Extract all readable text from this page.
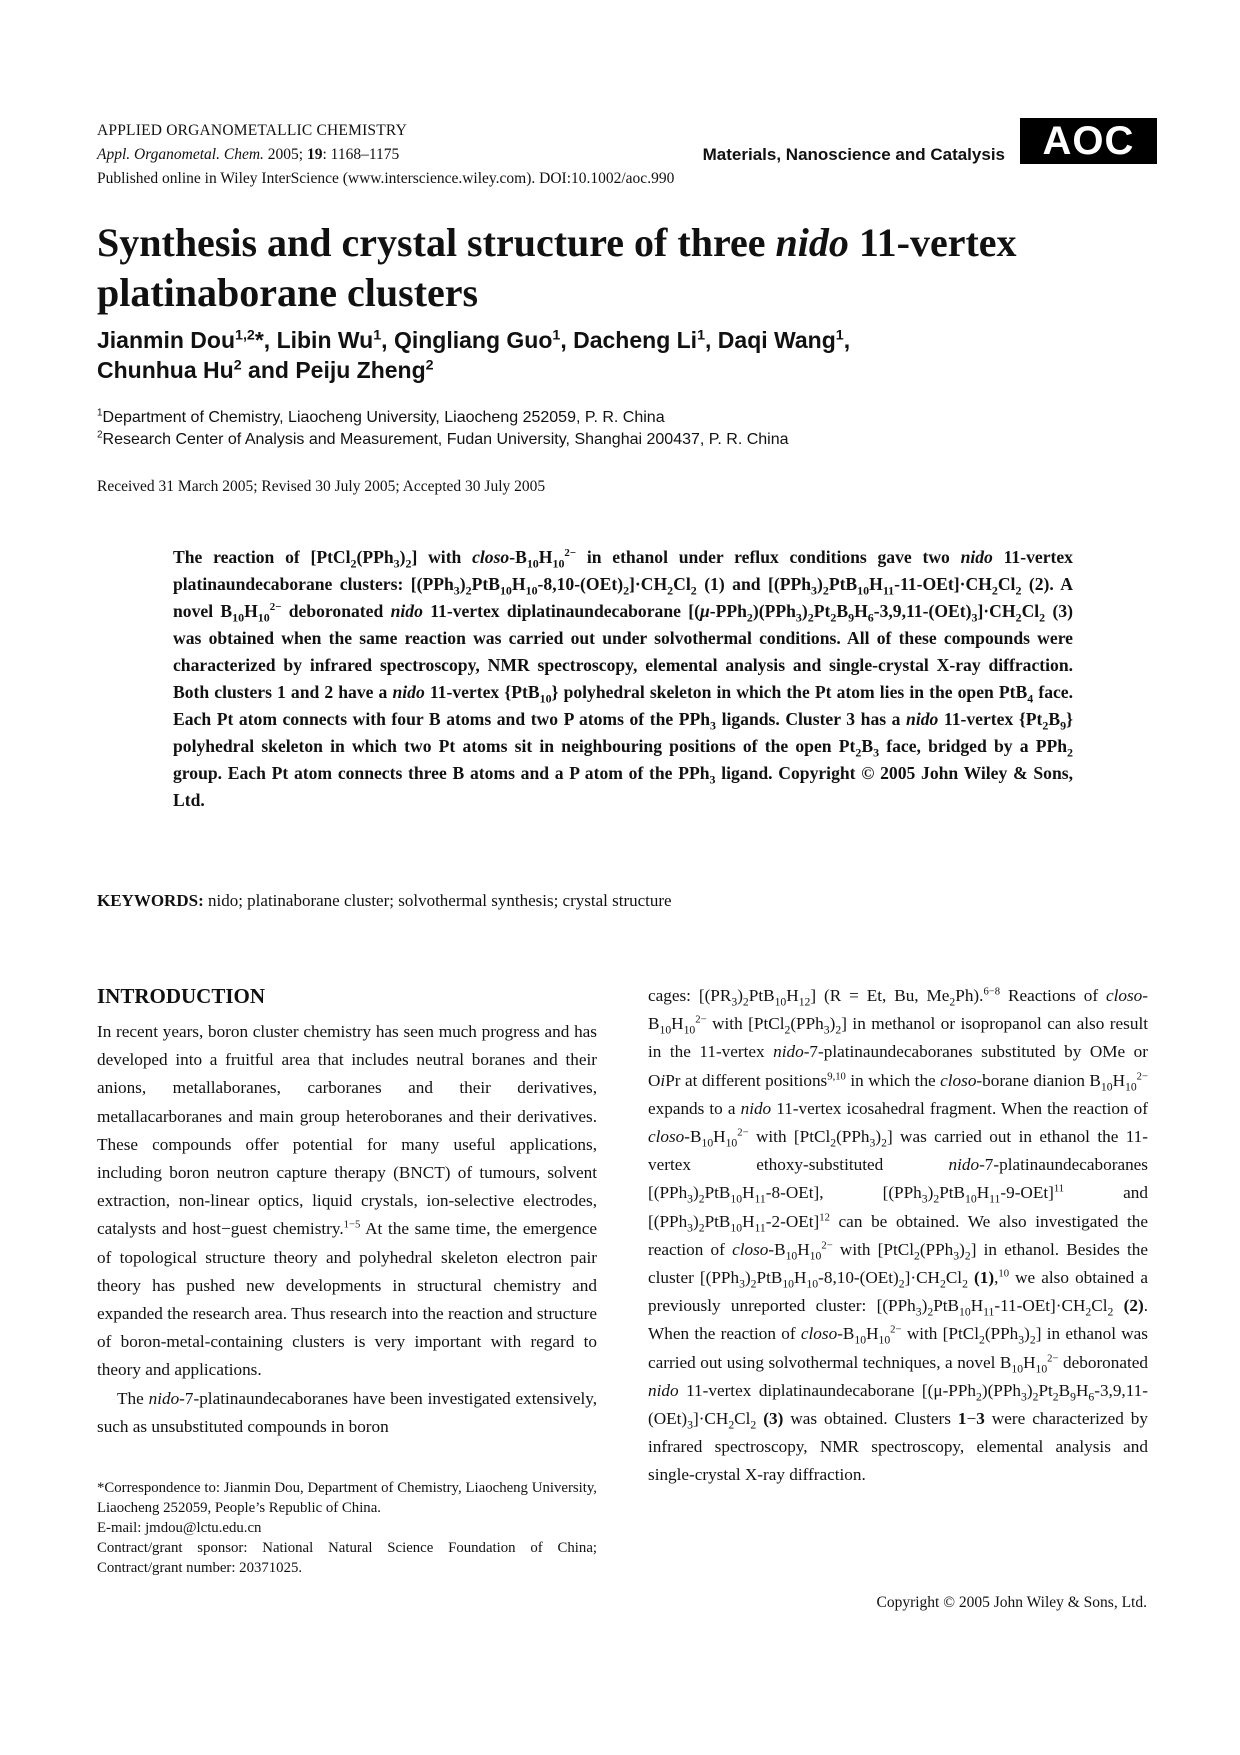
APPLIED ORGANOMETALLIC CHEMISTRY
Appl. Organometal. Chem. 2005; 19: 1168–1175
Published online in Wiley InterScience (www.interscience.wiley.com). DOI:10.1002/aoc.990
Materials, Nanoscience and Catalysis AOC
Synthesis and crystal structure of three nido 11-vertex platinaborane clusters
Jianmin Dou$^{1,2}$*, Libin Wu$^1$, Qingliang Guo$^1$, Dacheng Li$^1$, Daqi Wang$^1$,
Chunhua Hu$^2$ and Peiju Zheng$^2$
$^1$Department of Chemistry, Liaocheng University, Liaocheng 252059, P. R. China
$^2$Research Center of Analysis and Measurement, Fudan University, Shanghai 200437, P. R. China
Received 31 March 2005; Revised 30 July 2005; Accepted 30 July 2005

The reaction of $[PtCl_2(PPh_3)_2]$ with closo-$B_{10}H_{10}^{2-}$ in ethanol under reflux conditions gave two nido 11-vertex platinaundecaborane clusters: $[(PPh_3)_2PtB_{10}H_{10}-8,10-(OEt)_2]\cdot CH_2Cl_2$ (1) and $[(PPh_3)_2PtB_{10}H_{11}-11-OEt]\cdot CH_2Cl_2$ (2). A novel $B_{10}H_{10}^{2-}$ deboronated nido 11-vertex diplatinaundecaborane $[(\mu-PPh_2)(PPh_3)_2Pt_2B_9H_6-3,9,11-(OEt)_3]\cdot CH_2Cl_2$ (3) was obtained when the same reaction was carried out under solvothermal conditions. All of these compounds were characterized by infrared spectroscopy, NMR spectroscopy, elemental analysis and single-crystal X-ray diffraction. Both clusters 1 and 2 have a nido 11-vertex {PtB$_{10}$} polyhedral skeleton in which the Pt atom lies in the open PtB$_4$ face. Each Pt atom connects with four B atoms and two P atoms of the PPh$_3$ ligands. Cluster 3 has a nido 11-vertex $\{Pt_2B_9\}$ polyhedral skeleton in which two Pt atoms sit in neighbouring positions of the open $Pt_2B_3$ face, bridged by a PPh$_2$ group. Each Pt atom connects three B atoms and a P atom of the PPh$_3$ ligand. Copyright © 2005 John Wiley & Sons, Ltd.

KEYWORDS: nido; platinaborane cluster; solvothermal synthesis; crystal structure
INTRODUCTION

In recent years, boron cluster chemistry has seen much progress and has developed into a fruitful area that includes neutral boranes and their anions, metallaboranes, carboranes and their derivatives, metallacarboranes and main group heteroboranes and their derivatives. These compounds offer potential for many useful applications, including boron neutron capture therapy (BNCT) of tumours, solvent extraction, non-linear optics, liquid crystals, ion-selective electrodes, catalysts and host−guest chemistry.$^{1-5}$ At the same time, the emergence of topological structure theory and polyhedral skeleton electron pair theory has pushed new developments in structural chemistry and expanded the research area. Thus research into the reaction and structure of boron-metal-containing clusters is very important with regard to theory and applications.

The nido-7-platinaundecaboranes have been investigated extensively, such as unsubstituted compounds in boron

*Correspondence to: Jianmin Dou, Department of Chemistry, Liaocheng University, Liaocheng 252059, People’s Republic of China.

E-mail: jmdou@lctu.edu.cn

Contract/grant sponsor: National Natural Science Foundation of China; Contract/grant number: 20371025.

cages: $[(PR_3)_2PtB_{10}H_{12}] (R = Et$, Bu, $Me_2Ph).^{6-8}$ Reactions of closo-$B_{10}H_{10}^{2-}$ with $[PtCl_2(PPh_3)_2]$ in methanol or isopropanol can also result in the 11-vertex nido-7-platinaundecaboranes substituted by OMe or OiPr at different positions$^{9,10}$ in which the closo-borane dianion $B_{10}H_{10}^{2-}$ expands to a nido 11-vertex icosahedral fragment. When the reaction of closo-$B_{10}H_{10}^{2-}$ with $[PtCl_2(PPh_3)_2]$ was carried out in ethanol the 11-vertex ethoxy-substituted nido-7-platinaundecaboranes $[(PPh_3)_2PtB_{10}H_{11}-8-OEt]$, $[(PPh_3)_2PtB_{10}H_{11}-9-OEt]^{11}$ and $[(PPh_3)_2PtB_{10}H_{11}-2-OEt]^{12}$ can be obtained. We also investigated the reaction of closo-$B_{10}H_{10}^{2-}$ with $[PtCl_2(PPh_3)_2]$ in ethanol. Besides the cluster $[(PPh_3)_2PtB_{10}H_{10}-8,10-(OEt)_2]\cdot CH_2Cl_2$ (1),$^{10}$ we also obtained a previously unreported cluster: $[(PPh_3)_2PtB_{10}H_{11}-11-OEt]\cdot CH_2Cl_2$ (2). When the reaction of closo-$B_{10}H_{10}^{2-}$ with $[PtCl_2(PPh_3)_2]$ in ethanol was carried out using solvothermal techniques, a novel $B_{10}H_{10}^{2-}$ deboronated nido 11-vertex diplatinaundecaborane $[(\mu-PPh_2)(PPh_3)_2Pt_2B_9H_6-3,9,11-(OEt)_3]\cdot CH_2Cl_2$ (3) was obtained. Clusters 1−3 were characterized by infrared spectroscopy, NMR spectroscopy, elemental analysis and single-crystal X-ray diffraction.

Copyright © 2005 John Wiley & Sons, Ltd.
